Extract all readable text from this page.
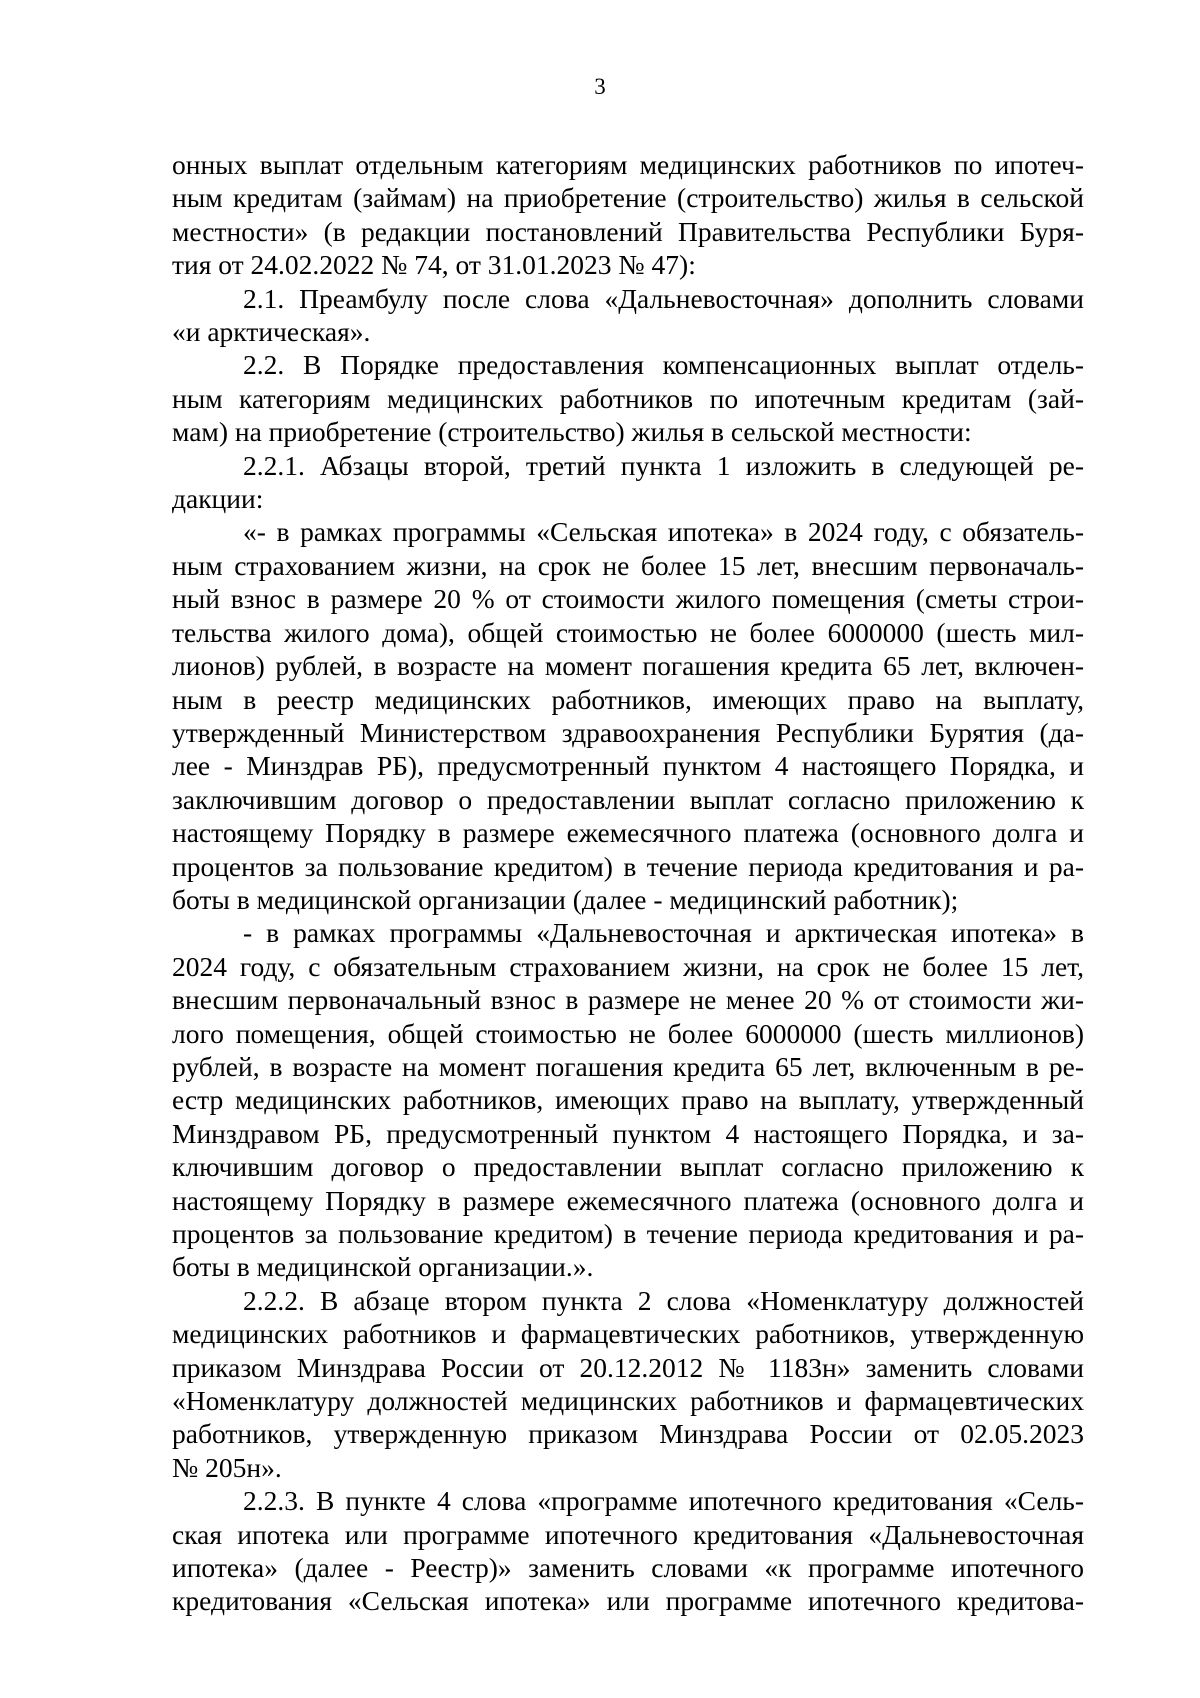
3
онных выплат отдельным категориям медицинских работников по ипотеч-
ным кредитам (займам) на приобретение (строительство) жилья в сельской
местности» (в редакции постановлений Правительства Республики Буря-
тия от 24.02.2022 № 74, от 31.01.2023 № 47):
2.1. Преамбулу после слова «Дальневосточная» дополнить словами
«и арктическая».
2.2. В Порядке предоставления компенсационных выплат отдель-
ным категориям медицинских работников по ипотечным кредитам (зай-
мам) на приобретение (строительство) жилья в сельской местности:
2.2.1. Абзацы второй, третий пункта 1 изложить в следующей ре-
дакции:
«- в рамках программы «Сельская ипотека» в 2024 году, с обязатель-
ным страхованием жизни, на срок не более 15 лет, внесшим первоначаль-
ный взнос в размере 20 % от стоимости жилого помещения (сметы строи-
тельства жилого дома), общей стоимостью не более 6000000 (шесть мил-
лионов) рублей, в возрасте на момент погашения кредита 65 лет, включен-
ным в реестр медицинских работников, имеющих право на выплату,
утвержденный Министерством здравоохранения Республики Бурятия (да-
лее - Минздрав РБ), предусмотренный пунктом 4 настоящего Порядка, и
заключившим договор о предоставлении выплат согласно приложению к
настоящему Порядку в размере ежемесячного платежа (основного долга и
процентов за пользование кредитом) в течение периода кредитования и ра-
боты в медицинской организации (далее - медицинский работник);
- в рамках программы «Дальневосточная и арктическая ипотека» в
2024 году, с обязательным страхованием жизни, на срок не более 15 лет,
внесшим первоначальный взнос в размере не менее 20 % от стоимости жи-
лого помещения, общей стоимостью не более 6000000 (шесть миллионов)
рублей, в возрасте на момент погашения кредита 65 лет, включенным в ре-
естр медицинских работников, имеющих право на выплату, утвержденный
Минздравом РБ, предусмотренный пунктом 4 настоящего Порядка, и за-
ключившим договор о предоставлении выплат согласно приложению к
настоящему Порядку в размере ежемесячного платежа (основного долга и
процентов за пользование кредитом) в течение периода кредитования и ра-
боты в медицинской организации.».
2.2.2. В абзаце втором пункта 2 слова «Номенклатуру должностей
медицинских работников и фармацевтических работников, утвержденную
приказом Минздрава России от 20.12.2012 № 1183н» заменить словами
«Номенклатуру должностей медицинских работников и фармацевтических
работников, утвержденную приказом Минздрава России от 02.05.2023
№ 205н».
2.2.3. В пункте 4 слова «программе ипотечного кредитования «Сель-
ская ипотека или программе ипотечного кредитования «Дальневосточная
ипотека» (далее - Реестр)» заменить словами «к программе ипотечного
кредитования «Сельская ипотека» или программе ипотечного кредитова-
